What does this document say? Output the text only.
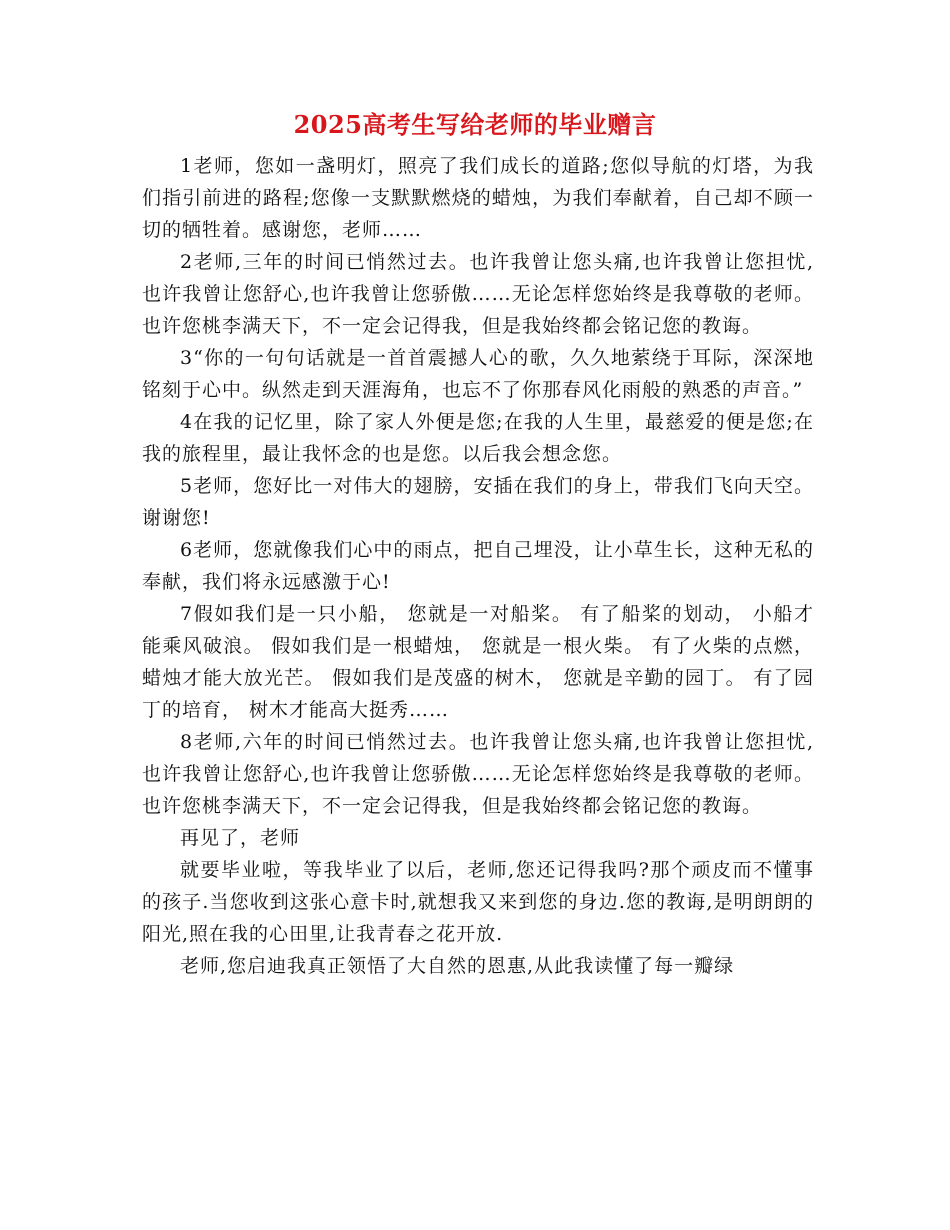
2025高考生写给老师的毕业赠言

1老师，您如一盏明灯，照亮了我们成长的道路;您似导航的灯塔，为我们指引前进的路程;您像一支默默燃烧的蜡烛，为我们奉献着，自己却不顾一切的牺牲着。感谢您，老师……

2老师,三年的时间已悄然过去。也许我曾让您头痛,也许我曾让您担忧,也许我曾让您舒心,也许我曾让您骄傲……无论怎样您始终是我尊敬的老师。也许您桃李满天下，不一定会记得我，但是我始终都会铭记您的教诲。

3“你的一句句话就是一首首震撼人心的歌，久久地萦绕于耳际，深深地铭刻于心中。纵然走到天涯海角，也忘不了你那春风化雨般的熟悉的声音。”

4在我的记忆里，除了家人外便是您;在我的人生里，最慈爱的便是您;在我的旅程里，最让我怀念的也是您。以后我会想念您。

5老师，您好比一对伟大的翅膀，安插在我们的身上，带我们飞向天空。谢谢您!

6老师，您就像我们心中的雨点，把自己埋没，让小草生长，这种无私的奉献，我们将永远感激于心!

7假如我们是一只小船， 您就是一对船桨。 有了船桨的划动， 小船才能乘风破浪。 假如我们是一根蜡烛， 您就是一根火柴。 有了火柴的点燃， 蜡烛才能大放光芒。 假如我们是茂盛的树木， 您就是辛勤的园丁。 有了园丁的培育， 树木才能高大挺秀……

8老师,六年的时间已悄然过去。也许我曾让您头痛,也许我曾让您担忧,也许我曾让您舒心,也许我曾让您骄傲……无论怎样您始终是我尊敬的老师。也许您桃李满天下，不一定会记得我，但是我始终都会铭记您的教诲。

再见了，老师

就要毕业啦，等我毕业了以后，老师,您还记得我吗?那个顽皮而不懂事的孩子.当您收到这张心意卡时,就想我又来到您的身边.您的教诲,是明朗朗的阳光,照在我的心田里,让我青春之花开放.

老师,您启迪我真正领悟了大自然的恩惠,从此我读懂了每一瓣绿
